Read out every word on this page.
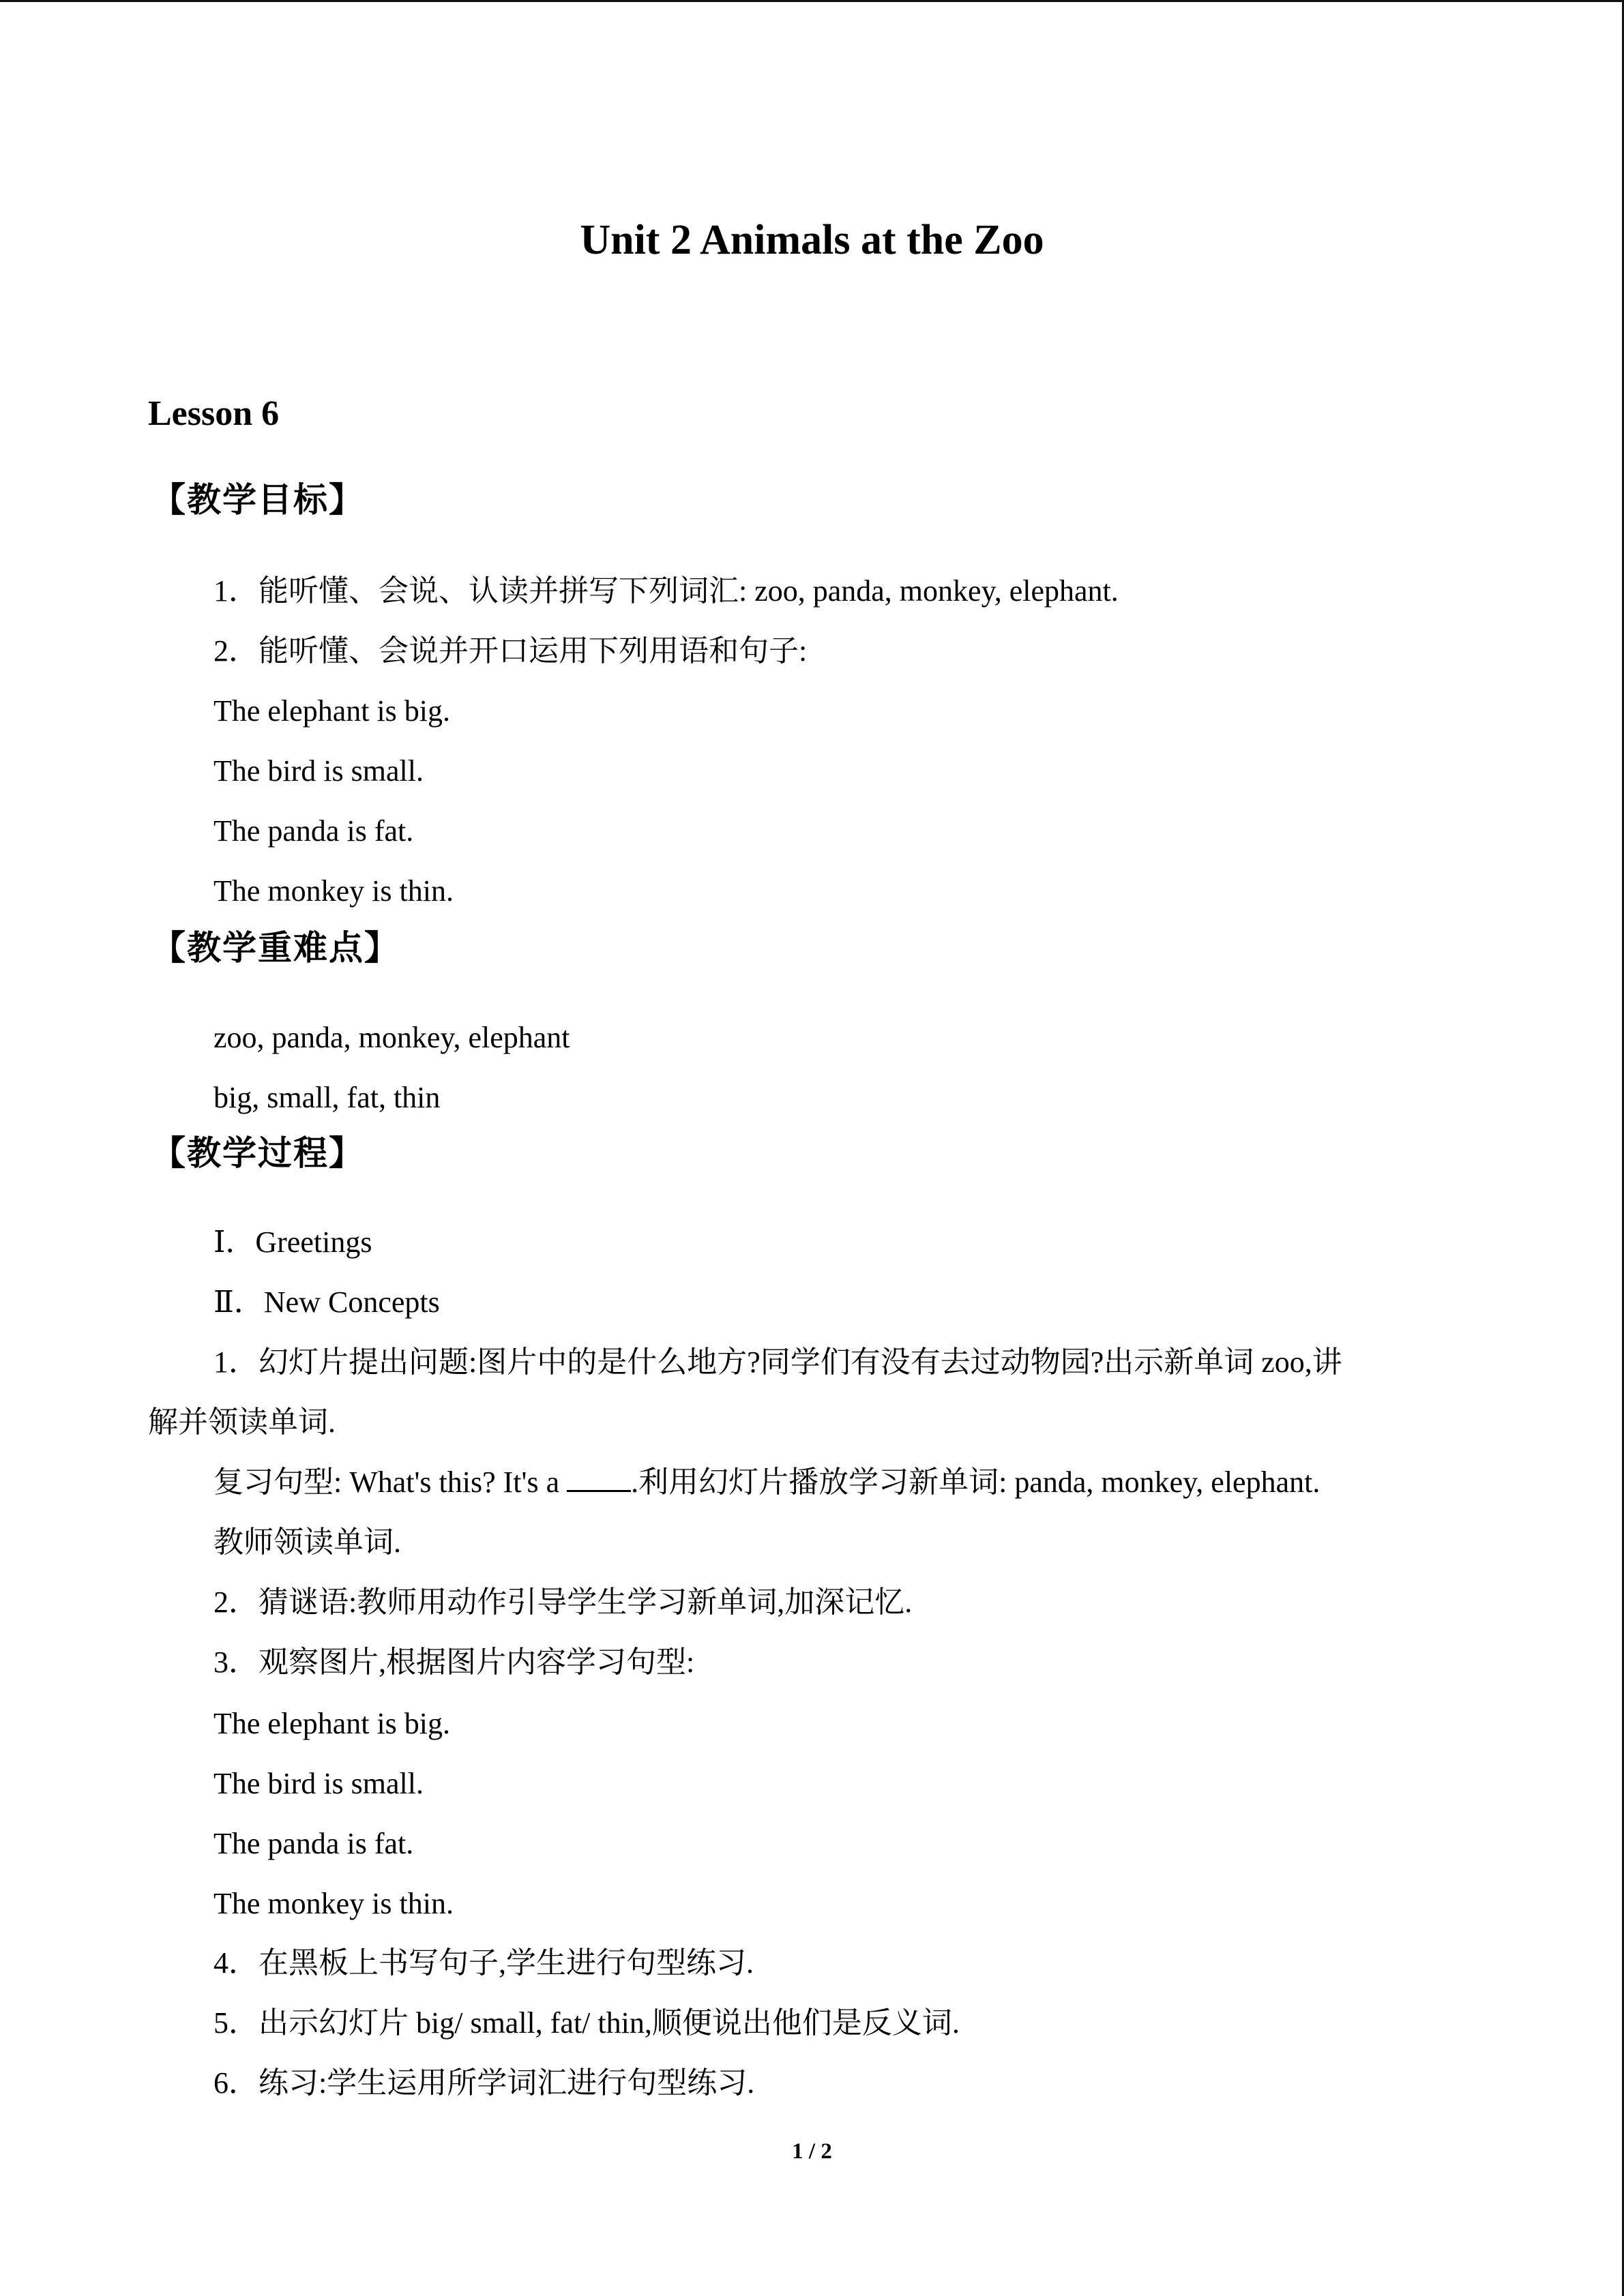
Unit 2 Animals at the Zoo
Lesson 6
【教学目标】
1．能听懂、会说、认读并拼写下列词汇: zoo, panda, monkey, elephant.
2．能听懂、会说并开口运用下列用语和句子:
The elephant is big.
The bird is small.
The panda is fat.
The monkey is thin.
【教学重难点】
zoo, panda, monkey, elephant
big, small, fat, thin
【教学过程】
Ⅰ．Greetings
Ⅱ．New Concepts
1．幻灯片提出问题:图片中的是什么地方?同学们有没有去过动物园?出示新单词 zoo,讲
解并领读单词.
复习句型: What's this? It's a .利用幻灯片播放学习新单词: panda, monkey, elephant.
教师领读单词.
2．猜谜语:教师用动作引导学生学习新单词,加深记忆.
3．观察图片,根据图片内容学习句型:
The elephant is big.
The bird is small.
The panda is fat.
The monkey is thin.
4．在黑板上书写句子,学生进行句型练习.
5．出示幻灯片 big/ small, fat/ thin,顺便说出他们是反义词.
6．练习:学生运用所学词汇进行句型练习.
1 / 2
